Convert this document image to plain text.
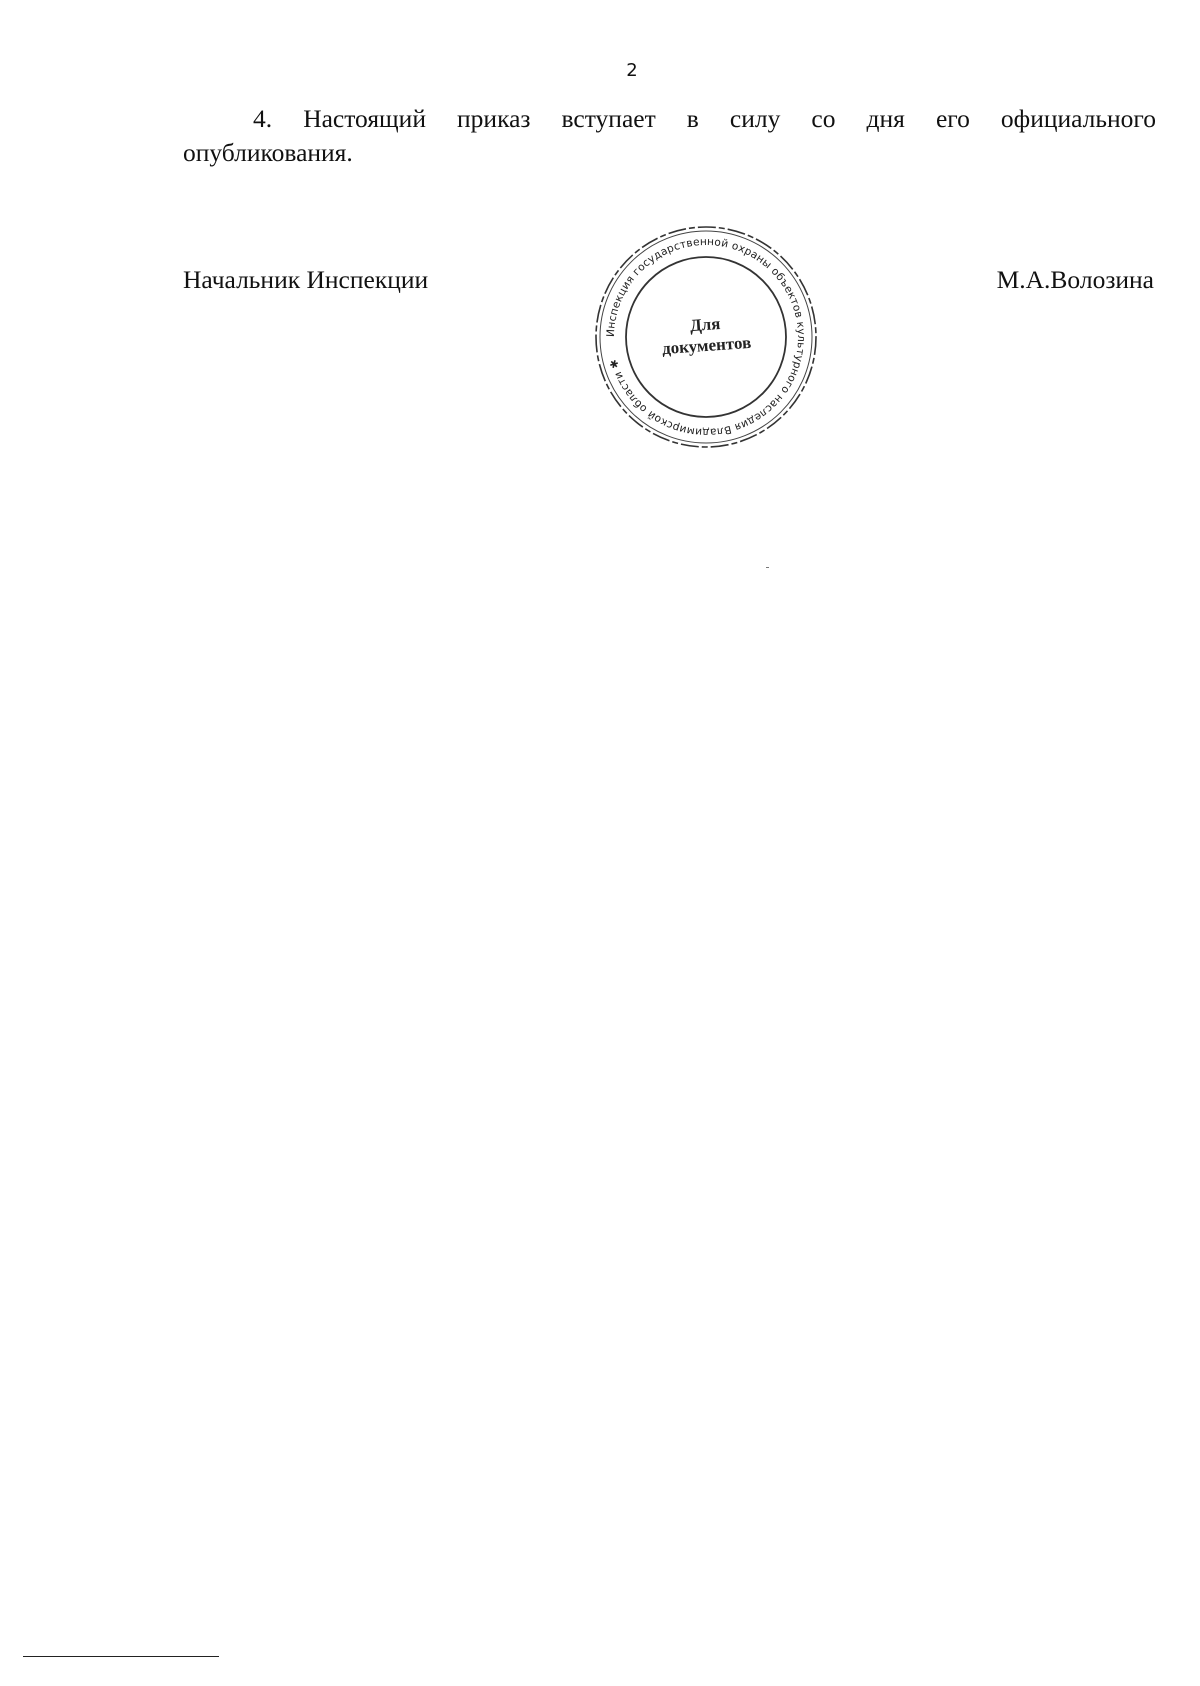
2
4. Настоящий приказ вступает в силу со дня его официального
опубликования.
Начальник Инспекции	М.А.Волозина
Инспекция государственной охраны объектов культурного наследия Владимирской области ✱
Для
документов
